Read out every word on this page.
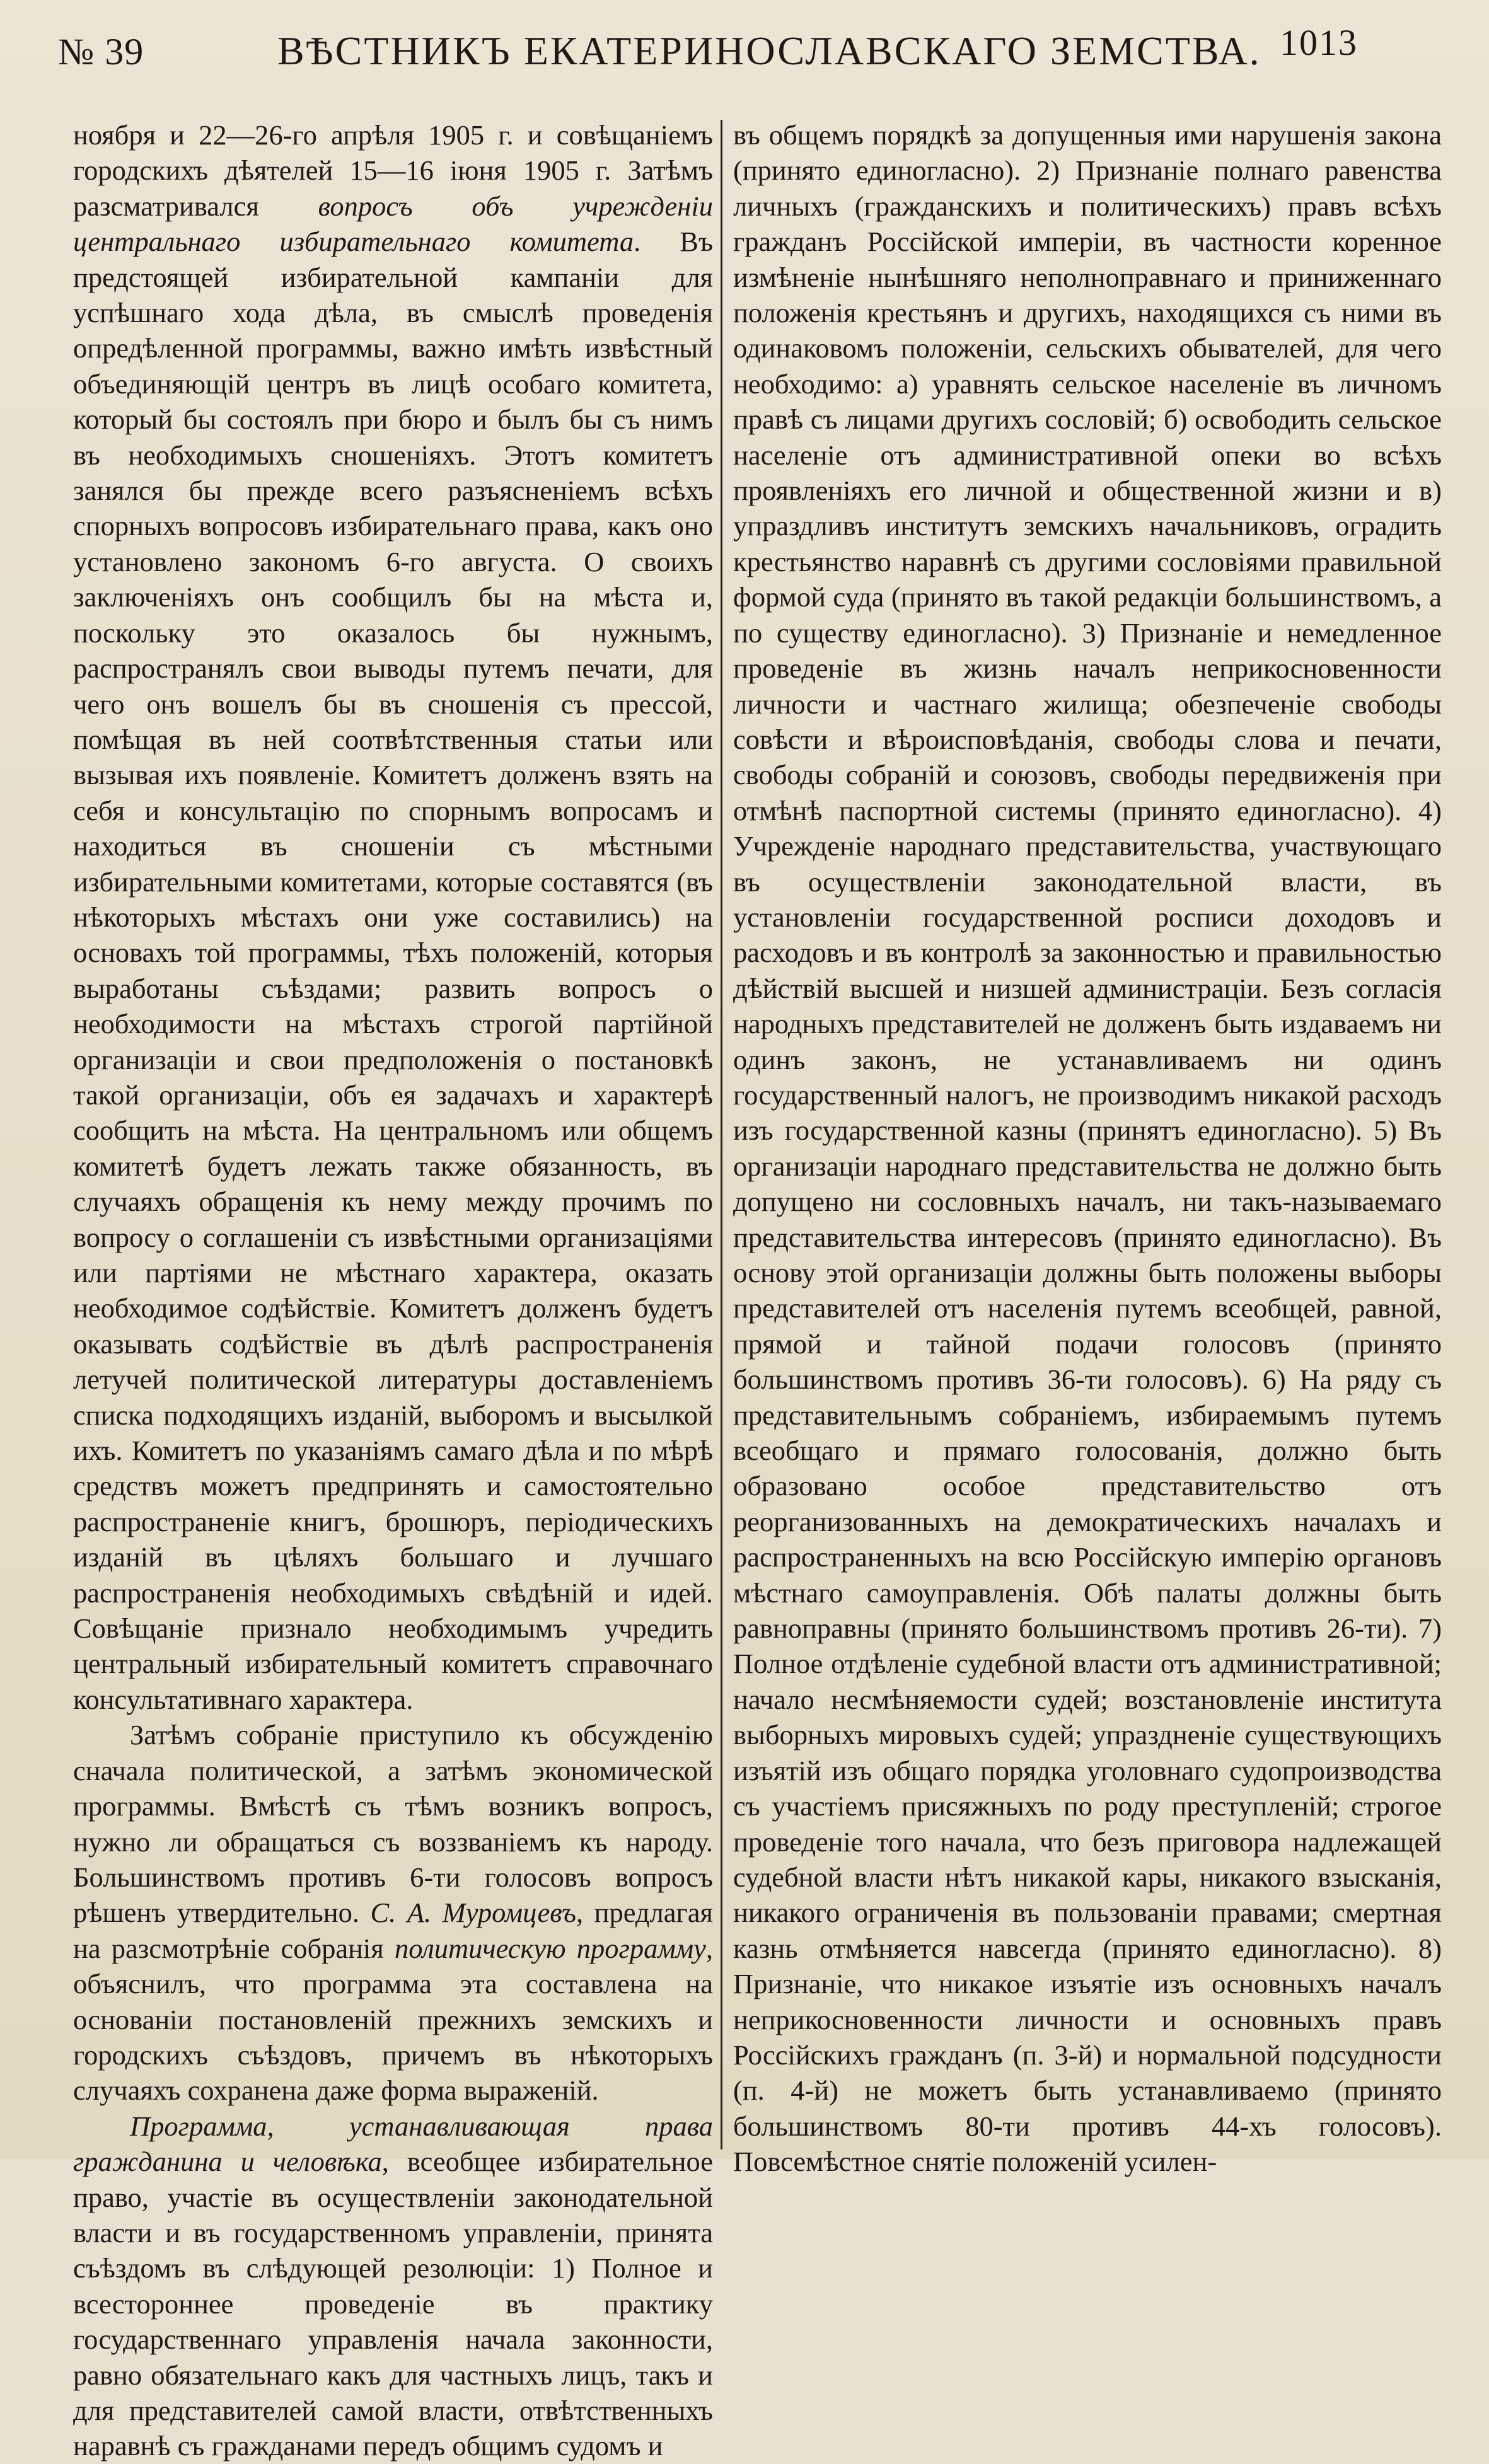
№ 39	ВѢСТНИКЪ ЕКАТЕРИНОСЛАВСКАГО ЗЕМСТВА. 1013

ноября и 22—26-го апрѣля 1905 г. и совѣщаніемъ городскихъ дѣятелей 15—16 іюня 1905 г. Затѣмъ разсматривался вопросъ объ учрежденіи центральнаго избирательнаго комитета. Въ предстоящей избирательной кампаніи для успѣшнаго хода дѣла, въ смыслѣ проведенія опредѣленной программы, важно имѣть извѣстный объединяющій центръ въ лицѣ особаго комитета, который бы состоялъ при бюро и былъ бы съ нимъ въ необходимыхъ сношеніяхъ. Этотъ комитетъ занялся бы прежде всего разъясненіемъ всѣхъ спорныхъ вопросовъ избирательнаго права, какъ оно установлено закономъ 6-го августа. О своихъ заключеніяхъ онъ сообщилъ бы на мѣста и, поскольку это оказалось бы нужнымъ, распространялъ свои выводы путемъ печати, для чего онъ вошелъ бы въ сношенія съ прессой, помѣщая въ ней соотвѣтственныя статьи или вызывая ихъ появленіе. Комитетъ долженъ взять на себя и консультацію по спорнымъ вопросамъ и находиться въ сношеніи съ мѣстными избирательными комитетами, которые составятся (въ нѣкоторыхъ мѣстахъ они уже составились) на основахъ той программы, тѣхъ положеній, которыя выработаны съѣздами; развить вопросъ о необходимости на мѣстахъ строгой партійной организаціи и свои предположенія о постановкѣ такой организаціи, объ ея задачахъ и характерѣ сообщить на мѣста. На центральномъ или общемъ комитетѣ будетъ лежать также обязанность, въ случаяхъ обращенія къ нему между прочимъ по вопросу о соглашеніи съ извѣстными организаціями или партіями не мѣстнаго характера, оказать необходимое содѣйствіе. Комитетъ долженъ будетъ оказывать содѣйствіе въ дѣлѣ распространенія летучей политической литературы доставленіемъ списка подходящихъ изданій, выборомъ и высылкой ихъ. Комитетъ по указаніямъ самаго дѣла и по мѣрѣ средствъ можетъ предпринять и самостоятельно распространеніе книгъ, брошюръ, періодическихъ изданій въ цѣляхъ большаго и лучшаго распространенія необходимыхъ свѣдѣній и идей. Совѣщаніе признало необходимымъ учредить центральный избирательный комитетъ справочнаго консультативнаго характера.

Затѣмъ собраніе приступило къ обсужденію сначала политической, а затѣмъ экономической программы. Вмѣстѣ съ тѣмъ возникъ вопросъ, нужно ли обращаться съ воззваніемъ къ народу. Большинствомъ противъ 6-ти голосовъ вопросъ рѣшенъ утвердительно. С. А. Муромцевъ, предлагая на разсмотрѣніе собранія политическую программу, объяснилъ, что программа эта составлена на основаніи постановленій прежнихъ земскихъ и городскихъ съѣздовъ, причемъ въ нѣкоторыхъ случаяхъ сохранена даже форма выраженій.

Программа, устанавливающая права гражданина и человѣка, всеобщее избирательное право, участіе въ осуществленіи законодательной власти и въ государственномъ управленіи, принята съѣздомъ въ слѣдующей резолюціи: 1) Полное и всестороннее проведеніе въ практику государственнаго управленія начала законности, равно обязательнаго какъ для частныхъ лицъ, такъ и для представителей самой власти, отвѣтственныхъ наравнѣ съ гражданами передъ общимъ судомъ и

въ общемъ порядкѣ за допущенныя ими нарушенія закона (принято единогласно). 2) Признаніе полнаго равенства личныхъ (гражданскихъ и политическихъ) правъ всѣхъ гражданъ Россійской имперіи, въ частности коренное измѣненіе нынѣшняго неполноправнаго и приниженнаго положенія крестьянъ и другихъ, находящихся съ ними въ одинаковомъ положеніи, сельскихъ обывателей, для чего необходимо: а) уравнять сельское населеніе въ личномъ правѣ съ лицами другихъ сословій; б) освободить сельское населеніе отъ административной опеки во всѣхъ проявленіяхъ его личной и общественной жизни и в) упраздливъ институтъ земскихъ начальниковъ, оградить крестьянство наравнѣ съ другими сословіями правильной формой суда (принято въ такой редакціи большинствомъ, а по существу единогласно). 3) Признаніе и немедленное проведеніе въ жизнь началъ неприкосновенности личности и частнаго жилища; обезпеченіе свободы совѣсти и вѣроисповѣданія, свободы слова и печати, свободы собраній и союзовъ, свободы передвиженія при отмѣнѣ паспортной системы (принято единогласно). 4) Учрежденіе народнаго представительства, участвующаго въ осуществленіи законодательной власти, въ установленіи государственной росписи доходовъ и расходовъ и въ контролѣ за законностью и правильностью дѣйствій высшей и низшей администраціи. Безъ согласія народныхъ представителей не долженъ быть издаваемъ ни одинъ законъ, не устанавливаемъ ни одинъ государственный налогъ, не производимъ никакой расходъ изъ государственной казны (принятъ единогласно). 5) Въ организаціи народнаго представительства не должно быть допущено ни сословныхъ началъ, ни такъ-называемаго представительства интересовъ (принято единогласно). Въ основу этой организаціи должны быть положены выборы представителей отъ населенія путемъ всеобщей, равной, прямой и тайной подачи голосовъ (принято большинствомъ противъ 36-ти голосовъ). 6) На ряду съ представительнымъ собраніемъ, избираемымъ путемъ всеобщаго и прямаго голосованія, должно быть образовано особое представительство отъ реорганизованныхъ на демократическихъ началахъ и распространенныхъ на всю Россійскую имперію органовъ мѣстнаго самоуправленія. Обѣ палаты должны быть равноправны (принято большинствомъ противъ 26-ти). 7) Полное отдѣленіе судебной власти отъ административной; начало несмѣняемости судей; возстановленіе института выборныхъ мировыхъ судей; упраздненіе существующихъ изъятій изъ общаго порядка уголовнаго судопроизводства съ участіемъ присяжныхъ по роду преступленій; строгое проведеніе того начала, что безъ приговора надлежащей судебной власти нѣтъ никакой кары, никакого взысканія, никакого ограниченія въ пользованіи правами; смертная казнь отмѣняется навсегда (принято единогласно). 8) Признаніе, что никакое изъятіе изъ основныхъ началъ неприкосновенности личности и основныхъ правъ Россійскихъ гражданъ (п. 3-й) и нормальной подсудности (п. 4-й) не можетъ быть устанавливаемо (принято большинствомъ 80-ти противъ 44-хъ голосовъ). Повсемѣстное снятіе положеній усилен-
